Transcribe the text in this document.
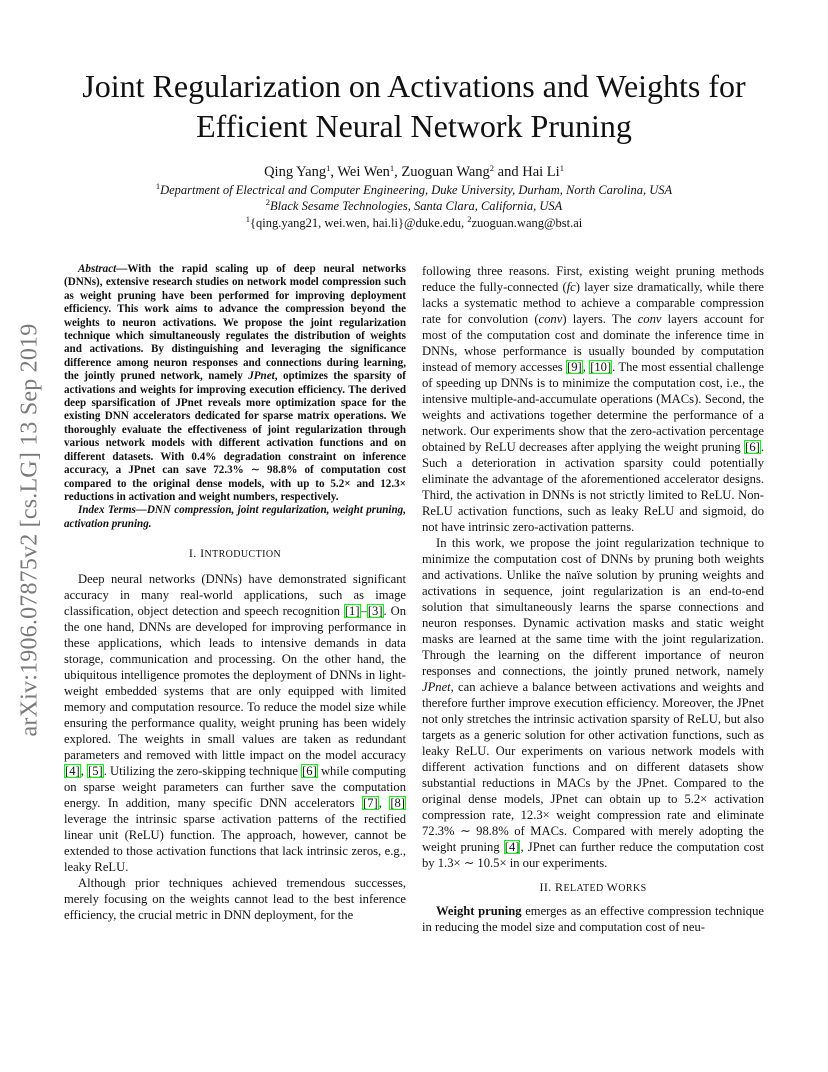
arXiv:1906.07875v2 [cs.LG] 13 Sep 2019
Joint Regularization on Activations and Weights for
Efficient Neural Network Pruning
Qing Yang$^1$, Wei Wen$^1$, Zuoguan Wang$^2$ and Hai Li$^1$
$^1$Department of Electrical and Computer Engineering, Duke University, Durham, North Carolina, USA
$^2$Black Sesame Technologies, Santa Clara, California, USA
$^1${qing.yang21, wei.wen, hai.li}@duke.edu, $^2$zuoguan.wang@bst.ai

Abstract—With the rapid scaling up of deep neural networks (DNNs), extensive research studies on network model compression such as weight pruning have been performed for improving deployment efficiency. This work aims to advance the compression beyond the weights to neuron activations. We propose the joint regularization technique which simultaneously regulates the distribution of weights and activations. By distinguishing and leveraging the significance difference among neuron responses and connections during learning, the jointly pruned network, namely JPnet, optimizes the sparsity of activations and weights for improving execution efficiency. The derived deep sparsification of JPnet reveals more optimization space for the existing DNN accelerators dedicated for sparse matrix operations. We thoroughly evaluate the effectiveness of joint regularization through various network models with different activation functions and on different datasets. With 0.4% degradation constraint on inference accuracy, a JPnet can save 72.3% ∼ 98.8% of computation cost compared to the original dense models, with up to 5.2× and 12.3× reductions in activation and weight numbers, respectively.

Index Terms—DNN compression, joint regularization, weight pruning, activation pruning.

I. INTRODUCTION

Deep neural networks (DNNs) have demonstrated significant accuracy in many real-world applications, such as image classification, object detection and speech recognition [1]–[3]. On the one hand, DNNs are developed for improving performance in these applications, which leads to intensive demands in data storage, communication and processing. On the other hand, the ubiquitous intelligence promotes the deployment of DNNs in light-weight embedded systems that are only equipped with limited memory and computation resource. To reduce the model size while ensuring the performance quality, weight pruning has been widely explored. The weights in small values are taken as redundant parameters and removed with little impact on the model accuracy [4], [5]. Utilizing the zero-skipping technique [6] while computing on sparse weight parameters can further save the computation energy. In addition, many specific DNN accelerators [7], [8] leverage the intrinsic sparse activation patterns of the rectified linear unit (ReLU) function. The approach, however, cannot be extended to those activation functions that lack intrinsic zeros, e.g., leaky ReLU.

Although prior techniques achieved tremendous successes, merely focusing on the weights cannot lead to the best inference efficiency, the crucial metric in DNN deployment, for the

following three reasons. First, existing weight pruning methods reduce the fully-connected (fc) layer size dramatically, while there lacks a systematic method to achieve a comparable compression rate for convolution (conv) layers. The conv layers account for most of the computation cost and dominate the inference time in DNNs, whose performance is usually bounded by computation instead of memory accesses [9], [10]. The most essential challenge of speeding up DNNs is to minimize the computation cost, i.e., the intensive multiple-and-accumulate operations (MACs). Second, the weights and activations together determine the performance of a network. Our experiments show that the zero-activation percentage obtained by ReLU decreases after applying the weight pruning [6]. Such a deterioration in activation sparsity could potentially eliminate the advantage of the aforementioned accelerator designs. Third, the activation in DNNs is not strictly limited to ReLU. Non-ReLU activation functions, such as leaky ReLU and sigmoid, do not have intrinsic zero-activation patterns.

In this work, we propose the joint regularization technique to minimize the computation cost of DNNs by pruning both weights and activations. Unlike the naïve solution by pruning weights and activations in sequence, joint regularization is an end-to-end solution that simultaneously learns the sparse connections and neuron responses. Dynamic activation masks and static weight masks are learned at the same time with the joint regularization. Through the learning on the different importance of neuron responses and connections, the jointly pruned network, namely JPnet, can achieve a balance between activations and weights and therefore further improve execution efficiency. Moreover, the JPnet not only stretches the intrinsic activation sparsity of ReLU, but also targets as a generic solution for other activation functions, such as leaky ReLU. Our experiments on various network models with different activation functions and on different datasets show substantial reductions in MACs by the JPnet. Compared to the original dense models, JPnet can obtain up to 5.2× activation compression rate, 12.3× weight compression rate and eliminate 72.3% ∼ 98.8% of MACs. Compared with merely adopting the weight pruning [4], JPnet can further reduce the computation cost by 1.3× ∼ 10.5× in our experiments.

II. RELATED WORKS

Weight pruning emerges as an effective compression technique in reducing the model size and computation cost of neu-
